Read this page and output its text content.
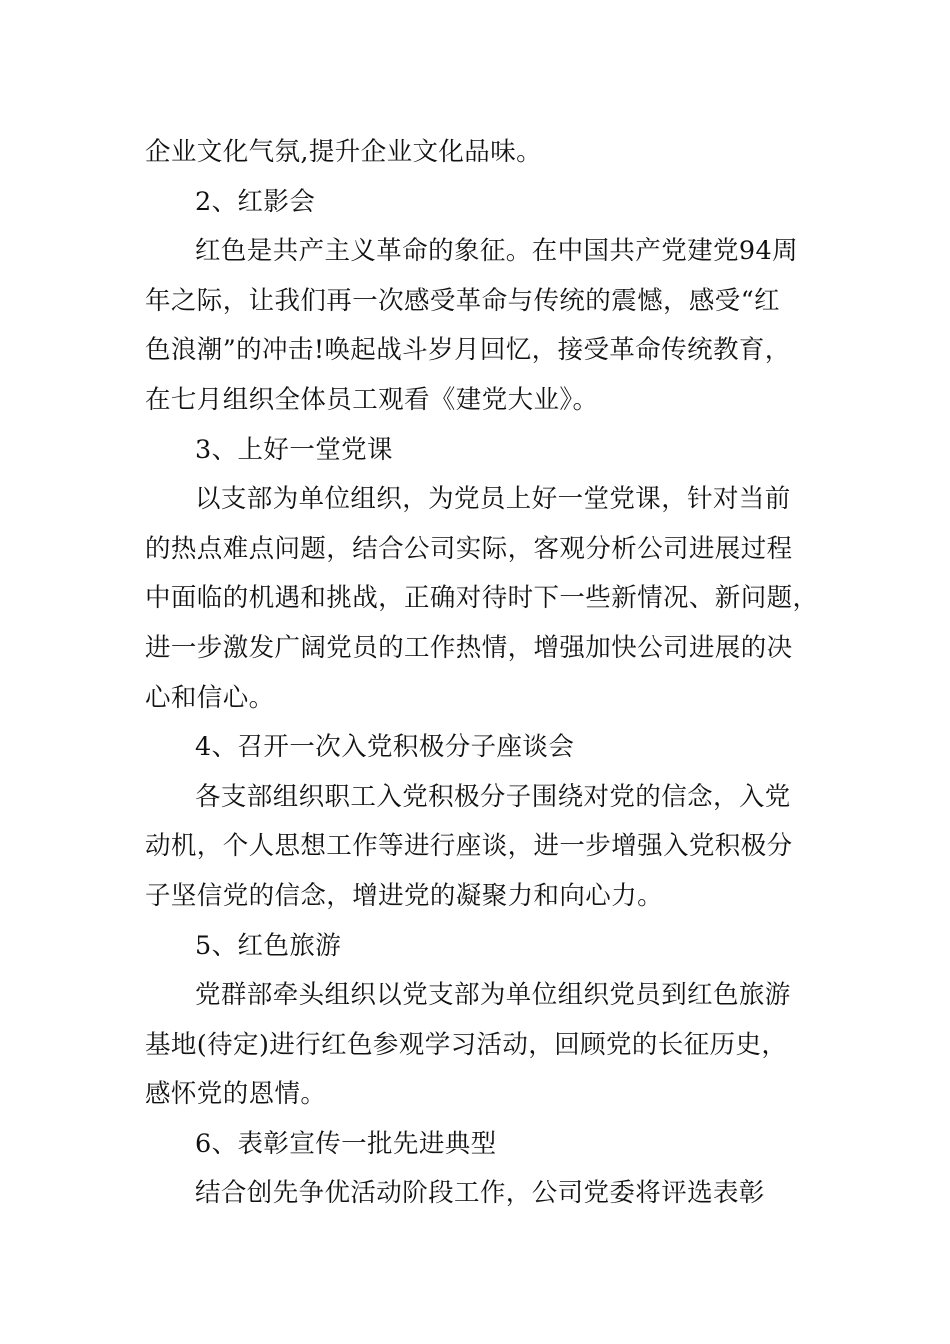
企业文化气氛,提升企业文化品味。
2、红影会
红色是共产主义革命的象征。在中国共产党建党94周
年之际，让我们再一次感受革命与传统的震憾，感受“红
色浪潮”的冲击!唤起战斗岁月回忆，接受革命传统教育，
在七月组织全体员工观看《建党大业》。
3、上好一堂党课
以支部为单位组织，为党员上好一堂党课，针对当前
的热点难点问题，结合公司实际，客观分析公司进展过程
中面临的机遇和挑战，正确对待时下一些新情况、新问题，
进一步激发广阔党员的工作热情，增强加快公司进展的决
心和信心。
4、召开一次入党积极分子座谈会
各支部组织职工入党积极分子围绕对党的信念，入党
动机，个人思想工作等进行座谈，进一步增强入党积极分
子坚信党的信念，增进党的凝聚力和向心力。
5、红色旅游
党群部牵头组织以党支部为单位组织党员到红色旅游
基地(待定)进行红色参观学习活动，回顾党的长征历史，
感怀党的恩情。
6、表彰宣传一批先进典型
结合创先争优活动阶段工作，公司党委将评选表彰
